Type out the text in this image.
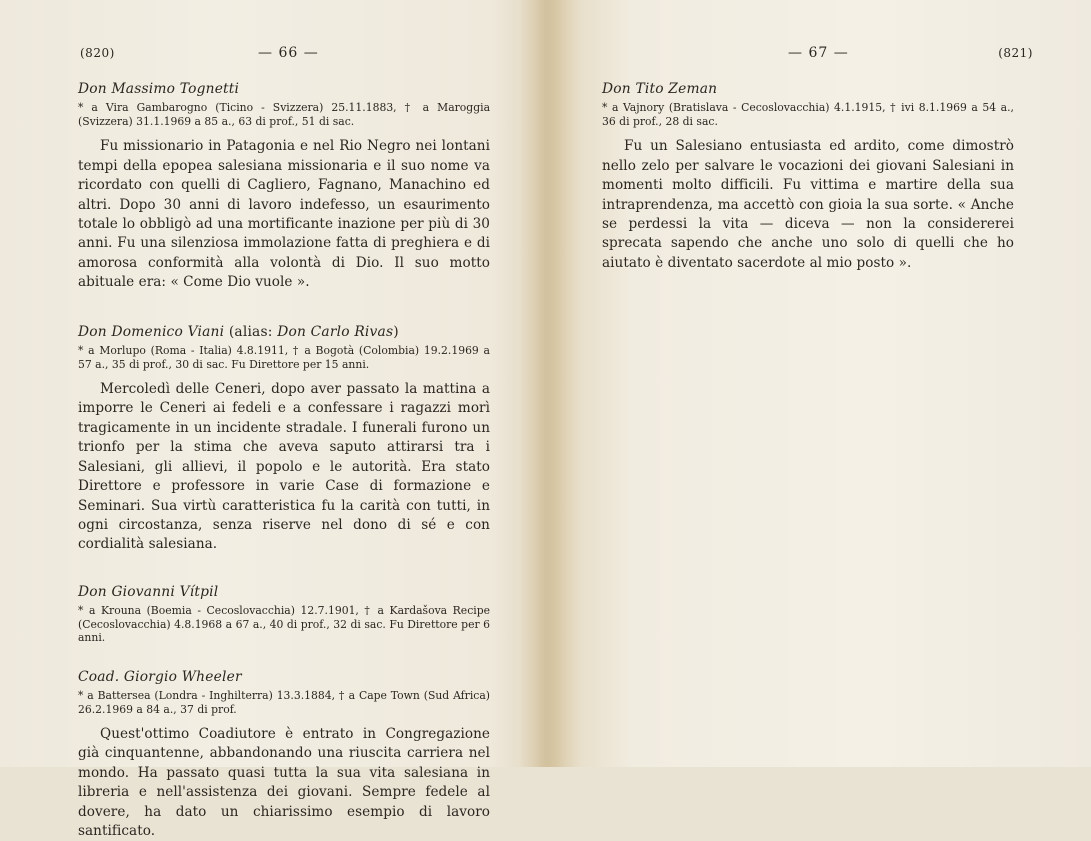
(820)	— 66 —

Don Massimo Tognetti

* a Vira Gambarogno (Ticino - Svizzera) 25.11.1883, † a Maroggia (Svizzera) 31.1.1969 a 85 a., 63 di prof., 51 di sac.

Fu missionario in Patagonia e nel Rio Negro nei lontani tempi della epopea salesiana missionaria e il suo nome va ricordato con quelli di Cagliero, Fagnano, Manachino ed altri. Dopo 30 anni di lavoro indefesso, un esaurimento totale lo obbligò ad una mortificante inazione per più di 30 anni. Fu una silenziosa immolazione fatta di preghiera e di amorosa conformità alla volontà di Dio. Il suo motto abituale era: « Come Dio vuole ».

Don Domenico Viani (alias: Don Carlo Rivas)

* a Morlupo (Roma - Italia) 4.8.1911, † a Bogotà (Colombia) 19.2.1969 a 57 a., 35 di prof., 30 di sac. Fu Direttore per 15 anni.

Mercoledì delle Ceneri, dopo aver passato la mattina a imporre le Ceneri ai fedeli e a confessare i ragazzi morì tragicamente in un incidente stradale. I funerali furono un trionfo per la stima che aveva saputo attirarsi tra i Salesiani, gli allievi, il popolo e le autorità. Era stato Direttore e professore in varie Case di formazione e Seminari. Sua virtù caratteristica fu la carità con tutti, in ogni circostanza, senza riserve nel dono di sé e con cordialità salesiana.

Don Giovanni Vítpil

* a Krouna (Boemia - Cecoslovacchia) 12.7.1901, † a Kardašova Recipe (Cecoslovacchia) 4.8.1968 a 67 a., 40 di prof., 32 di sac. Fu Direttore per 6 anni.

Coad. Giorgio Wheeler

* a Battersea (Londra - Inghilterra) 13.3.1884, † a Cape Town (Sud Africa) 26.2.1969 a 84 a., 37 di prof.

Quest'ottimo Coadiutore è entrato in Congregazione già cinquantenne, abbandonando una riuscita carriera nel mondo. Ha passato quasi tutta la sua vita salesiana in libreria e nell'assistenza dei giovani. Sempre fedele al dovere, ha dato un chiarissimo esempio di lavoro santificato.

— 67 —	(821)

Don Tito Zeman

* a Vajnory (Bratislava - Cecoslovacchia) 4.1.1915, † ivi 8.1.1969 a 54 a., 36 di prof., 28 di sac.

Fu un Salesiano entusiasta ed ardito, come dimostrò nello zelo per salvare le vocazioni dei giovani Salesiani in momenti molto difficili. Fu vittima e martire della sua intraprendenza, ma accettò con gioia la sua sorte. « Anche se perdessi la vita — diceva — non la considererei sprecata sapendo che anche uno solo di quelli che ho aiutato è diventato sacerdote al mio posto ».
